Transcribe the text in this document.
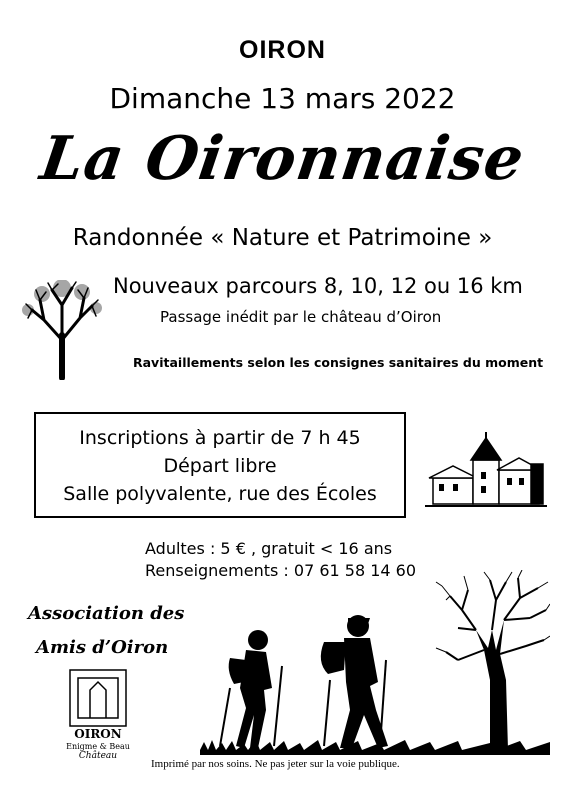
OIRON
Dimanche 13 mars 2022
La Oironnaise
Randonnée « Nature et Patrimoine »
Nouveaux parcours 8, 10, 12 ou 16 km
Passage inédit par le château d’Oiron
Ravitaillements selon les consignes sanitaires du moment
Inscriptions à partir de 7 h 45
Départ libre
Salle polyvalente, rue des Écoles
Adultes : 5 € , gratuit < 16 ans
Renseignements : 07 61 58 14 60
Association des
Amis d’Oiron
OIRON
Enigme & Beau
Château
Imprimé par nos soins. Ne pas jeter sur la voie publique.
